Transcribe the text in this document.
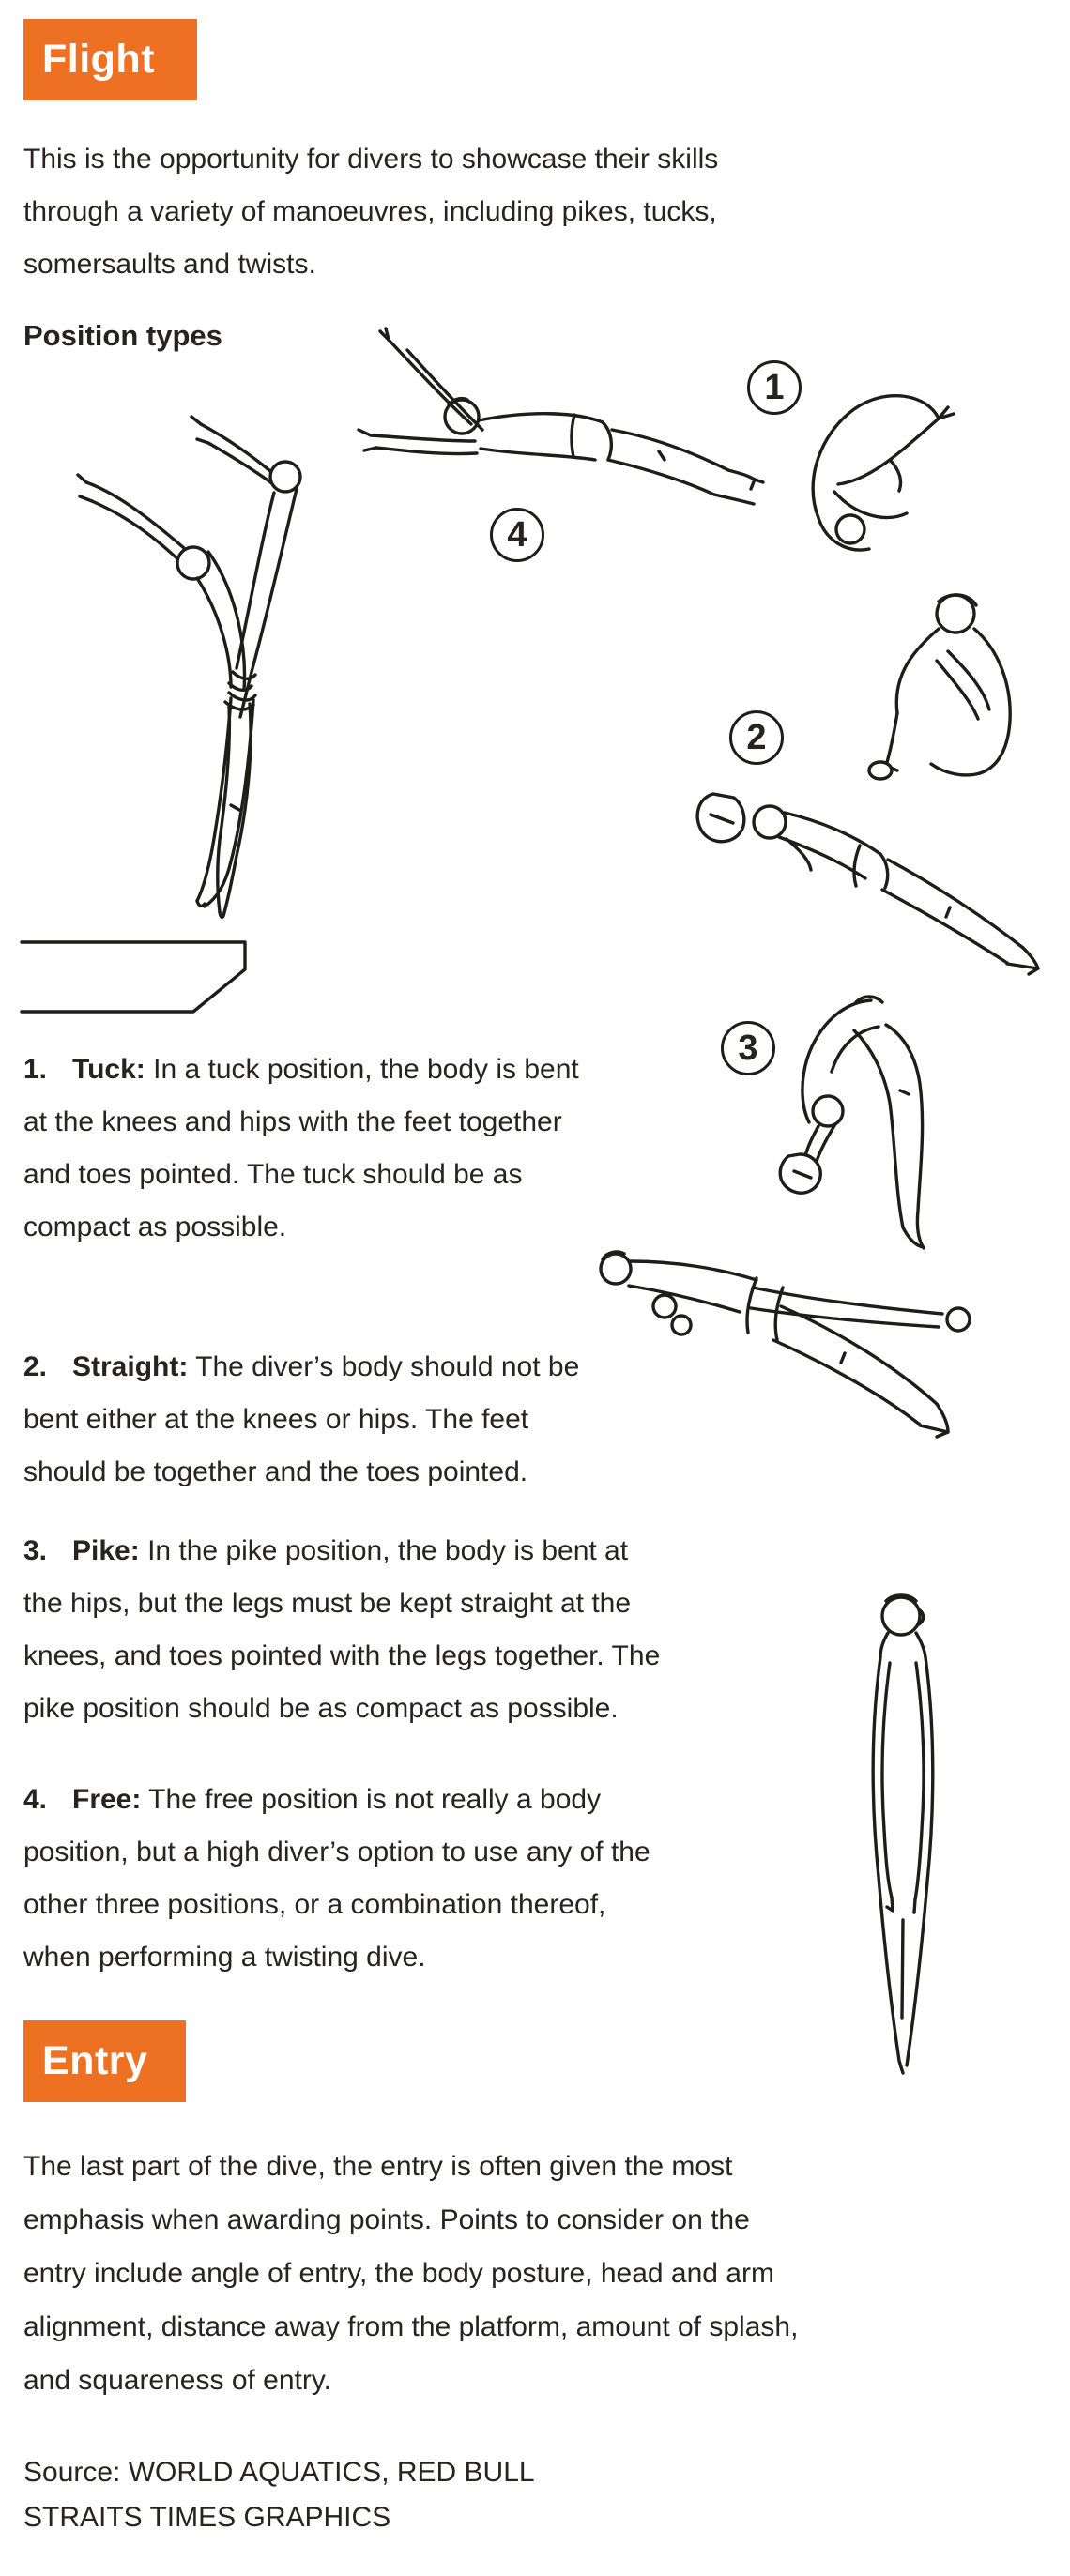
1
2
3
4
Flight
This is the opportunity for divers to showcase their skills
through a variety of manoeuvres, including pikes, tucks,
somersaults and twists.
Position types
1. Tuck: In a tuck position, the body is bent
at the knees and hips with the feet together
and toes pointed. The tuck should be as
compact as possible.
2. Straight: The diver’s body should not be
bent either at the knees or hips. The feet
should be together and the toes pointed.
3. Pike: In the pike position, the body is bent at
the hips, but the legs must be kept straight at the
knees, and toes pointed with the legs together. The
pike position should be as compact as possible.
4. Free: The free position is not really a body
position, but a high diver’s option to use any of the
other three positions, or a combination thereof,
when performing a twisting dive.
Entry
The last part of the dive, the entry is often given the most
emphasis when awarding points. Points to consider on the
entry include angle of entry, the body posture, head and arm
alignment, distance away from the platform, amount of splash,
and squareness of entry.
Source: WORLD AQUATICS, RED BULL
STRAITS TIMES GRAPHICS
